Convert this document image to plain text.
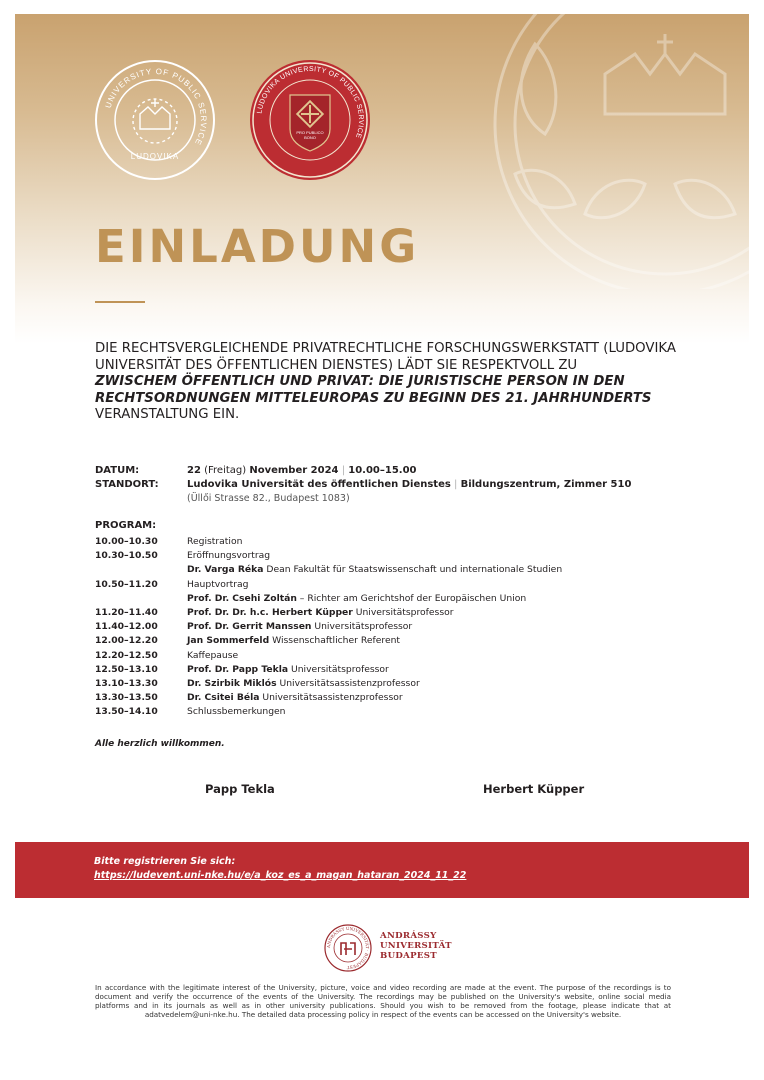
UNIVERSITY OF PUBLIC SERVICE
LUDOVIKA
LUDOVIKA UNIVERSITY OF PUBLIC SERVICE
PRO PUBLICO
BONO
EINLADUNG

DIE RECHTSVERGLEICHENDE PRIVATRECHTLICHE FORSCHUNGSWERKSTATT (LUDOVIKA UNIVERSITÄT DES ÖFFENTLICHEN DIENSTES) LÄDT SIE RESPEKTVOLL ZU
ZWISCHEM ÖFFENTLICH UND PRIVAT: DIE JURISTISCHE PERSON IN DEN RECHTSORDNUNGEN MITTELEUROPAS ZU BEGINN DES 21. JAHRHUNDERTS
VERANSTALTUNG EIN.

DATUM:	22 (Freitag) November 2024 | 10.00–15.00
STANDORT:	Ludovika Universität des öffentlichen Dienstes | Bildungszentrum, Zimmer 510
(Üllői Strasse 82., Budapest 1083)
PROGRAM:
10.00–10.30	Registration
10.30–10.50	Eröffnungsvortrag
Dr. Varga Réka Dean Fakultät für Staatswissenschaft und internationale Studien
10.50–11.20	Hauptvortrag
Prof. Dr. Csehi Zoltán – Richter am Gerichtshof der Europäischen Union
11.20–11.40	Prof. Dr. Dr. h.c. Herbert Küpper Universitätsprofessor
11.40–12.00	Prof. Dr. Gerrit Manssen Universitätsprofessor
12.00–12.20	Jan Sommerfeld Wissenschaftlicher Referent
12.20–12.50	Kaffepause
12.50–13.10	Prof. Dr. Papp Tekla Universitätsprofessor
13.10–13.30	Dr. Szirbik Miklós Universitätsassistenzprofessor
13.30–13.50	Dr. Csitei Béla Universitätsassistenzprofessor
13.50–14.10	Schlussbemerkungen
Alle herzlich willkommen.
Papp Tekla	Herbert Küpper
Bitte registrieren Sie sich:
https://ludevent.uni-nke.hu/e/a_koz_es_a_magan_hataran_2024_11_22
ANDRÁSSY UNIVERSITÄT · BUDAPEST
ANDRÁSSY
UNIVERSITÄT
BUDAPEST
In accordance with the legitimate interest of the University, picture, voice and video recording are made at the event. The purpose of the recordings is to document and verify the occurrence of the events of the University. The recordings may be published on the University's website, online social media platforms and in its journals as well as in other university publications. Should you wish to be removed from the footage, please indicate that at adatvedelem@uni-nke.hu. The detailed data processing policy in respect of the events can be accessed on the University's website.
